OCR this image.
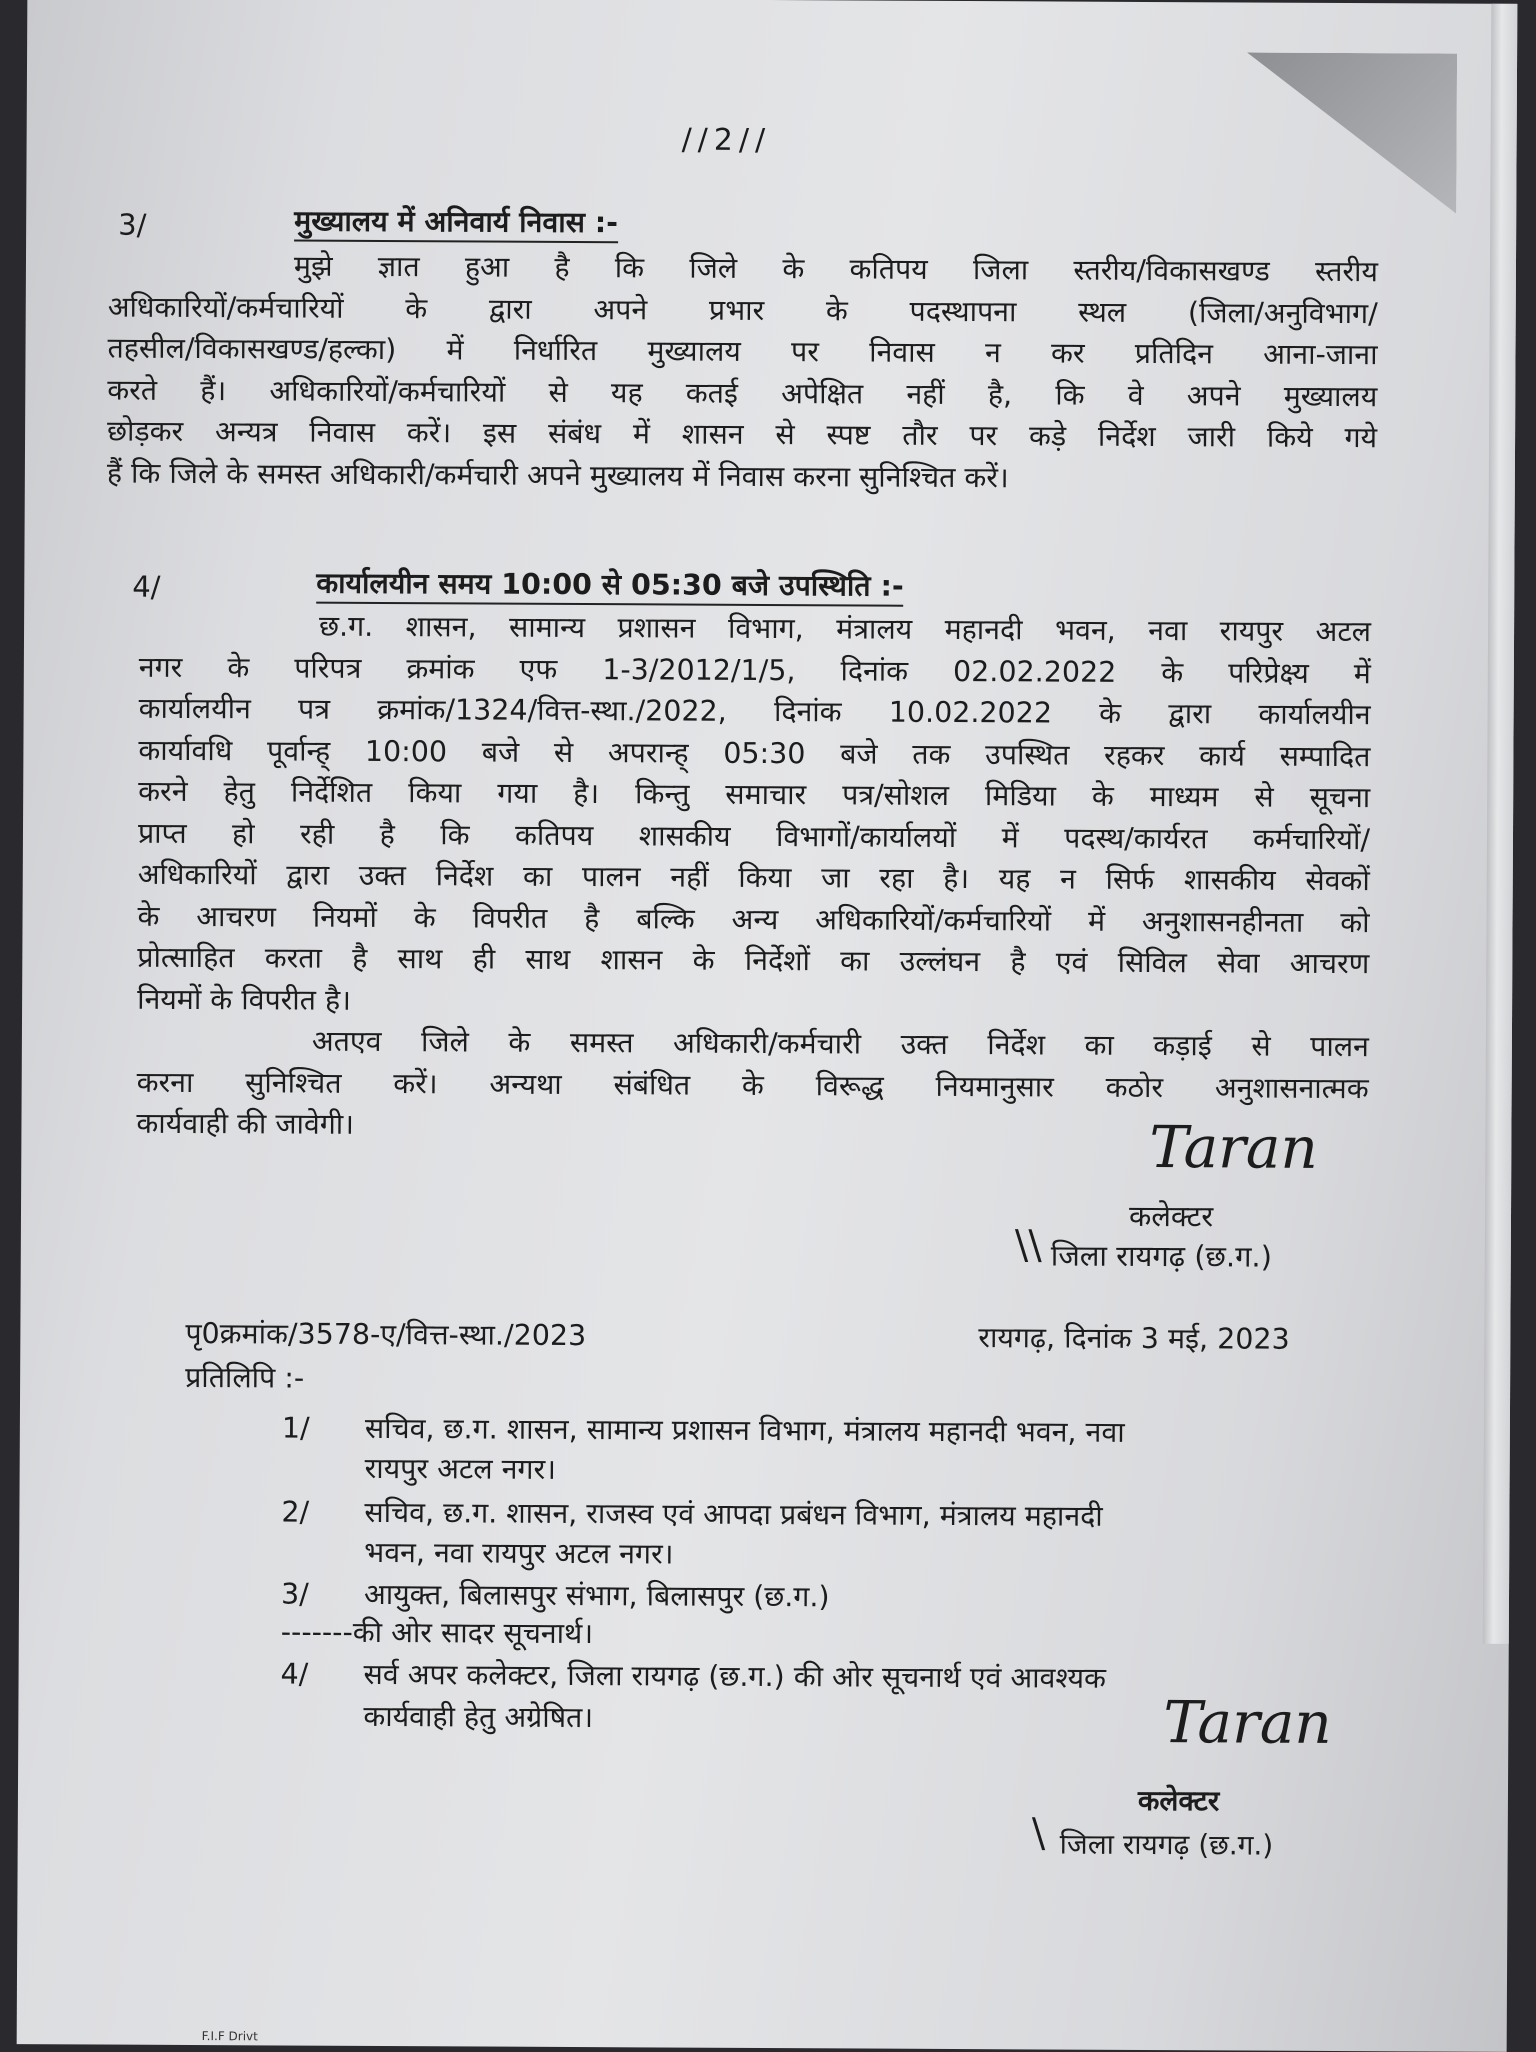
//2//
3/	मुख्यालय में अनिवार्य निवास :-
मुझे ज्ञात हुआ है कि जिले के कतिपय जिला स्तरीय/विकासखण्ड स्तरीय
अधिकारियों/कर्मचारियों के द्वारा अपने प्रभार के पदस्थापना स्थल (जिला/अनुविभाग/
तहसील/विकासखण्ड/हल्का) में निर्धारित मुख्यालय पर निवास न कर प्रतिदिन आना-जाना
करते हैं। अधिकारियों/कर्मचारियों से यह कतई अपेक्षित नहीं है, कि वे अपने मुख्यालय
छोड़कर अन्यत्र निवास करें। इस संबंध में शासन से स्पष्ट तौर पर कड़े निर्देश जारी किये गये
हैं कि जिले के समस्त अधिकारी/कर्मचारी अपने मुख्यालय में निवास करना सुनिश्चित करें।
4/	कार्यालयीन समय 10:00 से 05:30 बजे उपस्थिति :-
छ.ग. शासन, सामान्य प्रशासन विभाग, मंत्रालय महानदी भवन, नवा रायपुर अटल
नगर के परिपत्र क्रमांक एफ 1-3/2012/1/5, दिनांक 02.02.2022 के परिप्रेक्ष्य में
कार्यालयीन पत्र क्रमांक/1324/वित्त-स्था./2022, दिनांक 10.02.2022 के द्वारा कार्यालयीन
कार्यावधि पूर्वान्ह् 10:00 बजे से अपरान्ह् 05:30 बजे तक उपस्थित रहकर कार्य सम्पादित
करने हेतु निर्देशित किया गया है। किन्तु समाचार पत्र/सोशल मिडिया के माध्यम से सूचना
प्राप्त हो रही है कि कतिपय शासकीय विभागों/कार्यालयों में पदस्थ/कार्यरत कर्मचारियों/
अधिकारियों द्वारा उक्त निर्देश का पालन नहीं किया जा रहा है। यह न सिर्फ शासकीय सेवकों
के आचरण नियमों के विपरीत है बल्कि अन्य अधिकारियों/कर्मचारियों में अनुशासनहीनता को
प्रोत्साहित करता है साथ ही साथ शासन के निर्देशों का उल्लंघन है एवं सिविल सेवा आचरण
नियमों के विपरीत है।
अतएव जिले के समस्त अधिकारी/कर्मचारी उक्त निर्देश का कड़ाई से पालन
करना सुनिश्चित करें। अन्यथा संबंधित के विरूद्ध नियमानुसार कठोर अनुशासनात्मक
कार्यवाही की जावेगी।	Taran
कलेक्टर
\\ जिला रायगढ़ (छ.ग.)
पृ0क्रमांक/3578-ए/वित्त-स्था./2023	रायगढ़, दिनांक 3 मई, 2023
प्रतिलिपि :-
1/ सचिव, छ.ग. शासन, सामान्य प्रशासन विभाग, मंत्रालय महानदी भवन, नवा
रायपुर अटल नगर।
2/ सचिव, छ.ग. शासन, राजस्व एवं आपदा प्रबंधन विभाग, मंत्रालय महानदी
भवन, नवा रायपुर अटल नगर।
3/ आयुक्त, बिलासपुर संभाग, बिलासपुर (छ.ग.)
-------की ओर सादर सूचनार्थ।
4/ सर्व अपर कलेक्टर, जिला रायगढ़ (छ.ग.) की ओर सूचनार्थ एवं आवश्यक
कार्यवाही हेतु अग्रेषित।	Taran
कलेक्टर
\ जिला रायगढ़ (छ.ग.)
F.I.F Drivt
